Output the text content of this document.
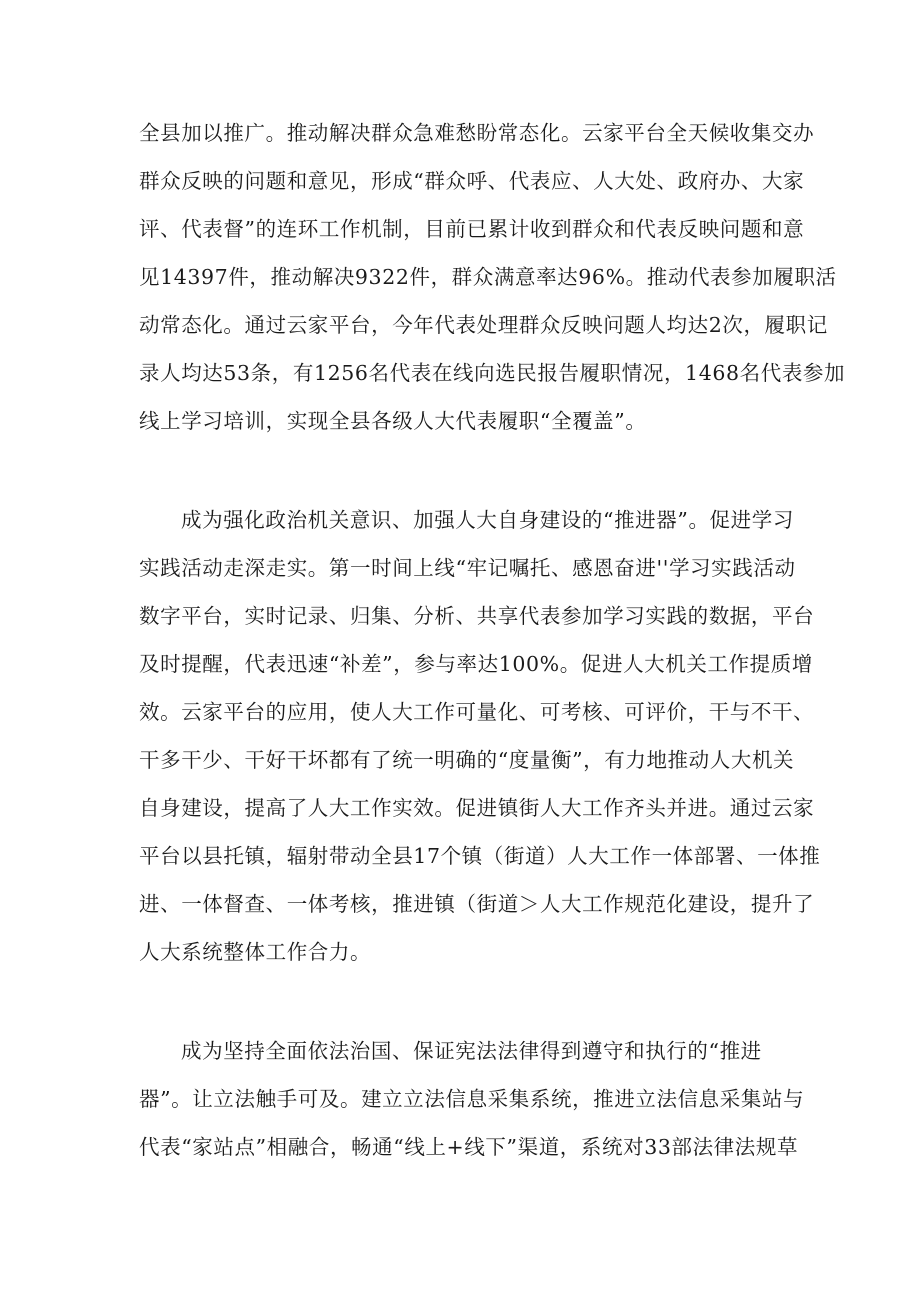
全县加以推广。推动解决群众急难愁盼常态化。云家平台全天候收集交办
群众反映的问题和意见，形成“群众呼、代表应、人大处、政府办、大家
评、代表督”的连环工作机制，目前已累计收到群众和代表反映问题和意
见14397件，推动解决9322件，群众满意率达96%。推动代表参加履职活
动常态化。通过云家平台，今年代表处理群众反映问题人均达2次，履职记
录人均达53条，有1256名代表在线向选民报告履职情况，1468名代表参加
线上学习培训，实现全县各级人大代表履职“全覆盖”。
成为强化政治机关意识、加强人大自身建设的“推进器”。促进学习
实践活动走深走实。第一时间上线“牢记嘱托、感恩奋进''学习实践活动
数字平台，实时记录、归集、分析、共享代表参加学习实践的数据，平台
及时提醒，代表迅速“补差”，参与率达100%。促进人大机关工作提质增
效。云家平台的应用，使人大工作可量化、可考核、可评价，干与不干、
干多干少、干好干坏都有了统一明确的“度量衡”，有力地推动人大机关
自身建设，提高了人大工作实效。促进镇街人大工作齐头并进。通过云家
平台以县托镇，辐射带动全县17个镇（街道）人大工作一体部署、一体推
进、一体督查、一体考核，推进镇（街道＞人大工作规范化建设，提升了
人大系统整体工作合力。
成为坚持全面依法治国、保证宪法法律得到遵守和执行的“推进
器”。让立法触手可及。建立立法信息采集系统，推进立法信息采集站与
代表“家站点”相融合，畅通“线上+线下”渠道，系统对33部法律法规草
